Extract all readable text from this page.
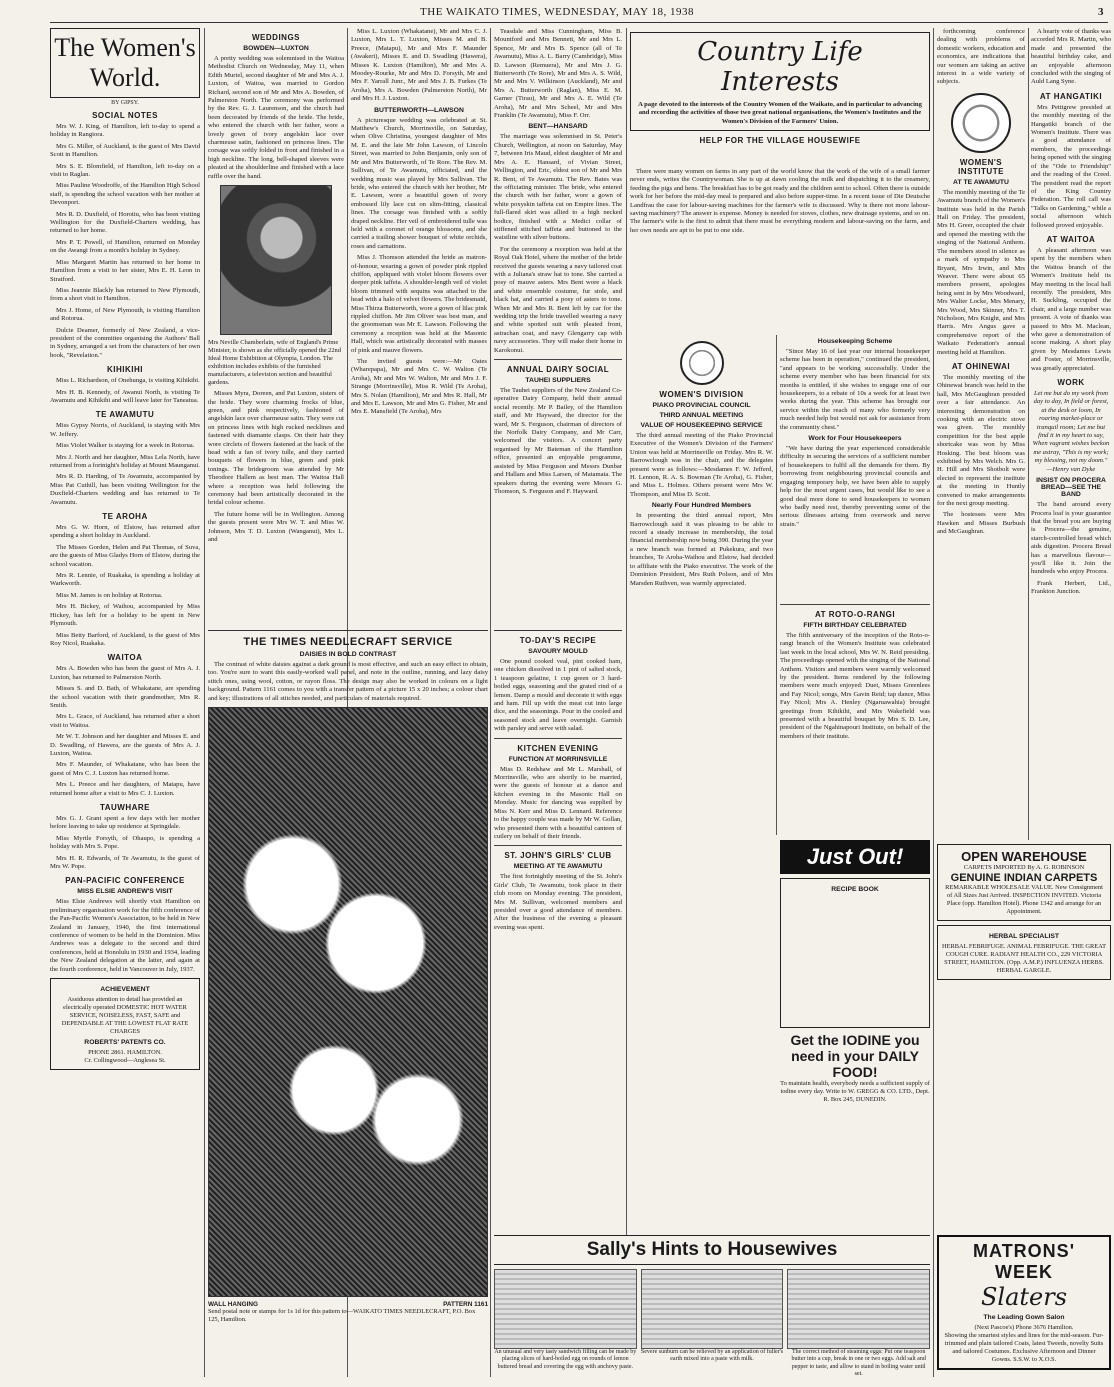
THE WAIKATO TIMES, WEDNESDAY, MAY 18, 1938	3
The Women's World.
BY GIPSY.
SOCIAL NOTES

Mrs W. J. King, of Hamilton, left to-day to spend a holiday in Rangiora.

Mrs G. Miller, of Auckland, is the guest of Mrs David Scott in Hamilton.

Mrs S. E. Blomfield, of Hamilton, left to-day on a visit to Raglan.

Miss Pauline Woodroffe, of the Hamilton High School staff, is spending the school vacation with her mother at Devonport.

Mrs R. D. Duxfield, of Horotiu, who has been visiting Wellington for the Duxfield-Charters wedding, has returned to her home.

Mrs P. T. Powell, of Hamilton, returned on Monday on the Awangi from a month's holiday in Sydney.

Miss Margaret Martin has returned to her home in Hamilton from a visit to her sister, Mrs E. H. Leon in Stratford.

Miss Jeannie Blackly has returned to New Plymouth, from a short visit to Hamilton.

Mrs J. Home, of New Plymouth, is visiting Hamilton and Rotorua.

Dulcie Deamer, formerly of New Zealand, a vice-president of the committee organising the Authors' Ball in Sydney, arranged a set from the characters of her own book, "Revelation."

KIHIKIHI

Miss L. Richardson, of Onehunga, is visiting Kihikihi.

Mrs H. B. Kennedy, of Awanui North, is visiting Te Awamutu and Kihikihi and will leave later for Taneatua.

TE AWAMUTU

Miss Gypsy Norris, of Auckland, is staying with Mrs W. Jeffery.

Miss Violet Walker is staying for a week in Rotorua.

Mrs J. North and her daughter, Miss Lela North, have returned from a fortnight's holiday at Mount Maunganui.

Mrs R. D. Harding, of Te Awamutu, accompanied by Miss Pat Cuthill, has been visiting Wellington for the Duxfield-Charters wedding and has returned to Te Awamutu.

TE AROHA

Mrs G. W. Horn, of Elstow, has returned after spending a short holiday in Auckland.

The Misses Gorden, Helen and Pat Thomas, of Suva, are the guests of Miss Gladys Horn of Elstow, during the school vacation.

Mrs R. Lennie, of Ruakaka, is spending a holiday at Warkworth.

Miss M. James is on holiday at Rotorua.

Mrs H. Bickey, of Waihou, accompanied by Miss Hickey, has left for a holiday to be spent in New Plymouth.

Miss Betty Barford, of Auckland, is the guest of Mrs Roy Nicol, Ruakaka.

WAITOA

Mrs A. Bowden who has been the guest of Mrs A. J. Luxton, has returned to Palmerston North.

Misses S. and D. Bath, of Whakatane, are spending the school vacation with their grandmother, Mrs R. Smith.

Mrs L. Grace, of Auckland, has returned after a short visit to Waitoa.

Mr W. T. Johnson and her daughter and Misses E. and D. Swadling, of Hawera, are the guests of Mrs A. J. Luxton, Waitoa.

Mrs F. Maunder, of Whakatane, who has been the guest of Mrs C. J. Luxton has returned home.

Mrs L. Preece and her daughters, of Matapu, have returned home after a visit to Mrs C. J. Luxton.

TAUWHARE

Mrs G. J. Grant spent a few days with her mother before leaving to take up residence at Springdale.

Miss Myrtle Forsyth, of Ohaupo, is spending a holiday with Mrs S. Pope.

Mrs H. R. Edwards, of Te Awamutu, is the guest of Mrs W. Pope.

PAN-PACIFIC CONFERENCE
MISS ELSIE ANDREW'S VISIT

Miss Elsie Andrews will shortly visit Hamilton on preliminary organisation work for the fifth conference of the Pan-Pacific Women's Association, to be held in New Zealand in January, 1940, the first international conference of women to be held in the Dominion. Miss Andrews was a delegate to the second and third conferences, held at Honolulu in 1930 and 1934, leading the New Zealand delegation at the latter, and again at the fourth conference, held in Vancouver in July, 1937.

ACHIEVEMENT
Assiduous attention to detail has provided an electrically operated DOMESTIC HOT WATER SERVICE, NOISELESS, FAST, SAFE and DEPENDABLE AT THE LOWEST FLAT RATE CHARGES
ROBERTS' PATENTS CO.
PHONE 2861. HAMILTON.
Cr. Collingwood—Anglesea St.
WEDDINGS
BOWDEN—LUXTON

A pretty wedding was solemnised in the Waitoa Methodist Church on Wednesday, May 11, when Edith Muriel, second daughter of Mr and Mrs A. J. Luxton, of Waitoa, was married to Gordon Richard, second son of Mr and Mrs A. Bowden, of Palmerston North. The ceremony was performed by the Rev. G. J. Laurenson, and the church had been decorated by friends of the bride. The bride, who entered the church with her father, wore a lovely gown of ivory angelskin lace over charmeuse satin, fashioned on princess lines. The corsage was softly folded in front and finished in a high neckline. The long, bell-shaped sleeves were pleated at the shoulderline and finished with a lace ruffle over the hand.

Mrs Neville Chamberlain, wife of England's Prime Minister, is shown as she officially opened the 22nd Ideal Home Exhibition at Olympia, London. The exhibition includes exhibits of the furnished manufacturers, a television section and beautiful gardens.

Misses Myra, Doreen, and Pat Luxton, sisters of the bride. They wore charming frocks of blue, green, and pink respectively, fashioned of angelskin lace over charmeuse satin. They were cut on princess lines with high rucked necklines and fastened with diamante clasps. On their hair they wore circlets of flowers fastened at the back of the head with a fan of ivory tulle, and they carried bouquets of flowers in blue, green and pink tonings. The bridegroom was attended by Mr Theodore Hallem as best man. The Waitoa Hall where a reception was held following the ceremony had been artistically decorated in the bridal colour scheme.

The future home will be in Wellington. Among the guests present were Mrs W. T. and Miss W. Johnson, Mrs T. D. Luxton (Wanganui), Mrs L. and

Miss L. Luxton (Whakatane), Mr and Mrs C. J. Luxton, Mrs L. T. Luxton, Misses M. and B. Preece, (Matapu), Mr and Mrs F. Maunder (Awakeri), Misses E. and D. Swadling (Hawera), Misses K. Luxton (Hamilton), Mr and Mrs A. Moodey-Rourke, Mr and Mrs D. Forsyth, Mr and Mrs F. Yarrall Junr., Mr and Mrs J. B. Furkes (Te Aroha), Mrs A. Bowden (Palmerston North), Mr and Mrs H. J. Luxton.

BUTTERWORTH—LAWSON

A picturesque wedding was celebrated at St. Matthew's Church, Morrinsville, on Saturday, when Olive Christina, youngest daughter of Mrs M. E. and the late Mr John Lawson, of Lincoln Street, was married to John Benjamin, only son of Mr and Mrs Butterworth, of Te Rore. The Rev. M. Sullivan, of Te Awamutu, officiated, and the wedding music was played by Mrs Sullivan. The bride, who entered the church with her brother, Mr E. Lawson, wore a beautiful gown of ivory embossed lily lace cut on slim-fitting, classical lines. The corsage was finished with a softly draped neckline. Her veil of embroidered tulle was held with a coronet of orange blossoms, and she carried a trailing shower bouquet of white orchids, roses and carnations.

Miss J. Thomson attended the bride as matron-of-honour, wearing a gown of powder pink rippled chiffon, appliqued with violet bloom flowers over deeper pink taffeta. A shoulder-length veil of violet bloom trimmed with sequins was attached to the head with a halo of velvet flowers. The bridesmaid, Miss Thirza Butterworth, wore a gown of lilac pink rippled chiffon. Mr Jim Oliver was best man, and the groomsman was Mr E. Lawson. Following the ceremony a reception was held at the Masonic Hall, which was artistically decorated with masses of pink and mauve flowers.

The invited guests were:—Mr Oates (Wharepapa), Mr and Mrs C. W. Walton (Te Aroha), Mr and Mrs W. Walton, Mr and Mrs J. F. Strange (Morrinsville), Miss R. Wild (Te Aroha), Mrs S. Nolan (Hamilton), Mr and Mrs R. Hall, Mr and Mrs E. Lawson, Mr and Mrs G. Fisher, Mr and Mrs E. Mansfield (Te Aroha), Mrs

Teasdale and Miss Cunningham, Miss B. Mountford and Mrs Bennett, Mr and Mrs L. Spence, Mr and Mrs B. Spence (all of Te Awamutu), Miss A. L. Barry (Cambridge), Miss D. Lawson (Remuera), Mr and Mrs J. G. Butterworth (Te Rore), Mr and Mrs A. S. Wild, Mr and Mrs V. Wilkinson (Auckland), Mr and Mrs A. Butterworth (Raglan), Miss E. M. Garner (Tirau), Mr and Mrs A. E. Wild (Te Aroha), Mr and Mrs Scheel, Mr and Mrs Franklin (Te Awamutu), Miss F. Orr.

BENT—HANSARD

The marriage was solemnised in St. Peter's Church, Wellington, at noon on Saturday, May 7, between Iris Maud, eldest daughter of Mr and Mrs A. E. Hansard, of Vivian Street, Wellington, and Eric, eldest son of Mr and Mrs R. Bent, of Te Awamutu. The Rev. Bates was the officiating minister. The bride, who entered the church with her father, wore a gown of white poxyskin taffeta cut on Empire lines. The full-flared skirt was allied to a high necked bodice, finished with a Medici collar of stiffened stitched taffeta and buttoned to the waistline with silver buttons.

For the ceremony a reception was held at the Royal Oak Hotel, where the mother of the bride received the guests wearing a navy tailored coat with a Juliana's straw hat to tone. She carried a posy of mauve asters. Mrs Bent wore a black and white ensemble costume, fur stole, and black hat, and carried a posy of asters to tone. When Mr and Mrs R. Bent left by car for the wedding trip the bride travelled wearing a navy and white spotted suit with pleated front, astrachan coat, and navy Glengarry cap with navy accessories. They will make their home in Karokonui.

ANNUAL DAIRY SOCIAL
TAUHEI SUPPLIERS

The Tauhei suppliers of the New Zealand Co-operative Dairy Company, held their annual social recently. Mr P. Bailey, of the Hamilton staff, and Mr Hayward, the director for the ward, Mr S. Ferguson, chairman of directors of the Norfolk Dairy Company, and Mr Carr, welcomed the visitors. A concert party organised by Mr Bateman of the Hamilton office, presented an enjoyable programme, assisted by Miss Ferguson and Messrs Dunbar and Hallam and Miss Larsen, of Matamata. The speakers during the evening were Messrs G. Thomson, S. Ferguson and F. Hayward.

THE TIMES NEEDLECRAFT SERVICE
DAISIES IN BOLD CONTRAST

The contrast of white daisies against a dark ground is most effective, and such an easy effect to obtain, too. You're sure to want this easily-worked wall panel, and note in the outline, running, and lazy daisy stitch ones, using wool, cotton, or rayon floss. The design may also be worked in colours on a light background. Pattern 1161 comes to you with a transfer pattern of a picture 15 x 20 inches; a colour chart and key; illustrations of all stitches needed, and particulars of materials required.

WALL HANGING	PATTERN 1161
Send postal note or stamps for 1s 1d for this pattern to—WAIKATO TIMES NEEDLECRAFT, P.O. Box 125, Hamilton.
TO-DAY'S RECIPE
SAVOURY MOULD

One pound cooked veal, pint cooked ham, one chicken dissolved in 1 pint of salted stock, 1 teaspoon gelatine, 1 cup green or 3 hard-boiled eggs, seasoning and the grated rind of a lemon. Damp a mould and decorate it with eggs and ham. Fill up with the meat cut into large dice, and the seasonings. Pour in the cooled and seasoned stock and leave overnight. Garnish with parsley and serve with salad.

KITCHEN EVENING
FUNCTION AT MORRINSVILLE

Miss D. Redshaw and Mr L. Marshall, of Morrinsville, who are shortly to be married, were the guests of honour at a dance and kitchen evening in the Masonic Hall on Monday. Music for dancing was supplied by Miss N. Kerr and Miss D. Lennard. Reference to the happy couple was made by Mr W. Gollan, who presented them with a beautiful canteen of cutlery on behalf of their friends.

ST. JOHN'S GIRLS' CLUB
MEETING AT TE AWAMUTU

The first fortnightly meeting of the St. John's Girls' Club, Te Awamutu, took place in their club room on Monday evening. The president, Mrs M. Sullivan, welcomed members and presided over a good attendance of members. After the business of the evening a pleasant evening was spent.

Country Life Interests
A page devoted to the interests of the Country Women of the Waikato, and in particular to advancing and recording the activities of those two great national organisations, the Women's Institutes and the Women's Division of the Farmers' Union.
HELP FOR THE VILLAGE HOUSEWIFE

There were many women on farms in any part of the world know that the work of the wife of a small farmer never ends, writes the Countrywoman. She is up at dawn cooling the milk and dispatching it to the creamery, feeding the pigs and hens. The breakfast has to be got ready and the children sent to school. Often there is outside work for her before the mid-day meal is prepared and also before supper-time. In a recent issue of Die Deutsche Landfrau the case for labour-saving machines for the farmer's wife is discussed. Why is there not more labour-saving machinery? The answer is expense. Money is needed for stoves, clothes, new drainage systems, and so on. The farmer's wife is the first to admit that there must be everything modern and labour-saving on the farm, and her own needs are apt to be put to one side.

WOMEN'S DIVISION
PIAKO PROVINCIAL COUNCIL
THIRD ANNUAL MEETING
VALUE OF HOUSEKEEPING SERVICE

The third annual meeting of the Piako Provincial Executive of the Women's Division of the Farmers' Union was held at Morrinsville on Friday. Mrs R. W. Barrowclough was in the chair, and the delegates present were as follows:—Mesdames F. W. Jefferd, H. Lennon, R. A. S. Bowman (Te Aroha), G. Fisher, and Miss L. Holmes. Others present were Mrs W. Thompson, and Miss D. Scott.

Nearly Four Hundred Members

In presenting the third annual report, Mrs Barrowclough said it was pleasing to be able to record a steady increase in membership, the total financial membership now being 390. During the year a new branch was formed at Pukekura, and two branches, Te Aroha-Waihou and Elstow, had decided to affiliate with the Piako executive. The work of the Dominion President, Mrs Ruth Polson, and of Mrs Marsden Ruthven, was warmly appreciated.

Housekeeping Scheme

"Since May 16 of last year our internal housekeeper scheme has been in operation," continued the president, "and appears to be working successfully. Under the scheme every member who has been financial for six months is entitled, if she wishes to engage one of our housekeepers, to a rebate of 10s a week for at least two weeks during the year. This scheme has brought our service within the reach of many who formerly very much needed help but would not ask for assistance from the community chest."

Work for Four Housekeepers

"We have during the year experienced considerable difficulty in securing the services of a sufficient number of housekeepers to fulfil all the demands for them. By borrowing from neighbouring provincial councils and engaging temporary help, we have been able to supply help for the most urgent cases, but would like to see a good deal more done to send housekeepers to women who badly need rest, thereby preventing some of the serious illnesses arising from overwork and nerve strain."

AT ROTO-O-RANGI
FIFTH BIRTHDAY CELEBRATED

The fifth anniversary of the inception of the Roto-o-rangi branch of the Women's Institute was celebrated last week in the local school, Mrs W. N. Reid presiding. The proceedings opened with the singing of the National Anthem. Visitors and members were warmly welcomed by the president. Items rendered by the following members were much enjoyed: Duet, Misses Greenlees and Fay Nicol; songs, Mrs Gavin Reid; tap dance, Miss Fay Nicol; Mrs A. Henley (Ngaruawahia) brought greetings from Kihikihi, and Mrs Wakefield was presented with a beautiful bouquet by Mrs S. D. Lee, president of the Ngahinapouri Institute, on behalf of the members of their institute.

Sally's Hints to Housewives
An unusual and very tasty sandwich filling can be made by placing slices of hard-boiled egg on rounds of lemon buttered bread and covering the egg with anchovy paste.
Severe sunburn can be relieved by an application of fuller's earth mixed into a paste with milk.
The correct method of steaming eggs: Put one teaspoon butter into a cup, break in one or two eggs. Add salt and pepper to taste, and allow to stand in boiling water until set.

forthcoming conference dealing with problems of domestic workers, education and economics, are indications that our women are taking an active interest in a wide variety of subjects.

WOMEN'S INSTITUTE
AT TE AWAMUTU

The monthly meeting of the Te Awamutu branch of the Women's Institute was held in the Parish Hall on Friday. The president, Mrs H. Greer, occupied the chair and opened the meeting with the singing of the National Anthem. The members stood in silence as a mark of sympathy to Mrs Bryant, Mrs Irwin, and Mrs Weaver. There were about 65 members present, apologies being sent in by Mrs Woodward, Mrs Walter Locke, Mrs Menary, Mrs Wood, Mrs Skinner, Mrs T. Nicholson, Mrs Knight, and Mrs Harris. Mrs Angus gave a comprehensive report of the Waikato Federation's annual meeting held at Hamilton.

AT OHINEWAI

The monthly meeting of the Ohinewai branch was held in the hall, Mrs McGaughran presided over a fair attendance. An interesting demonstration on cooking with an electric stove was given. The monthly competition for the best apple shortcake was won by Miss Hosking. The best bloom was exhibited by Mrs Welch. Mrs G. H. Hill and Mrs Shotbolt were elected to represent the institute at the meeting in Huntly convened to make arrangements for the next group meeting.

The hostesses were Mrs Hawken and Misses Burbush and McGaughran.

A hearty vote of thanks was accorded Mrs R. Martin, who made and presented the beautiful birthday cake, and an enjoyable afternoon concluded with the singing of Auld Lang Syne.

AT HANGATIKI

Mrs Pettigrew presided at the monthly meeting of the Hangatiki branch of the Women's Institute. There was a good attendance of members, the proceedings being opened with the singing of the "Ode to Friendship" and the reading of the Creed. The president read the report of the King Country Federation. The roll call was "Talks on Gardening," while a social afternoon which followed proved enjoyable.

AT WAITOA

A pleasant afternoon was spent by the members when the Waitoa branch of the Women's Institute held its May meeting in the local hall recently. The president, Mrs H. Suckling, occupied the chair, and a large number was present. A vote of thanks was passed to Mrs M. Maclean, who gave a demonstration of scone making. A short play given by Mesdames Lewis and Foster, of Morrinsville, was greatly appreciated.

WORK
Let me but do my work from day to day, In field or forest, at the desk or loom, In roaring market-place or tranquil room; Let me but find it in my heart to say, When vagrant wishes beckon me astray, "This is my work; my blessing, not my doom."
—Henry van Dyke
INSIST ON PROCERA BREAD—SEE THE BAND

The band around every Procera loaf is your guarantee that the bread you are buying is Procera—the genuine, starch-controlled bread which aids digestion. Procera Bread has a marvellous flavour—you'll like it. Join the hundreds who enjoy Procera.

Frank Herbert, Ltd., Frankton Junction.

OPEN WAREHOUSE
CARPETS IMPORTED By A. G. ROBINSON
GENUINE INDIAN CARPETS
REMARKABLE WHOLESALE VALUE. New Consignment of All Sizes Just Arrived. INSPECTION INVITED. Victoria Place (opp. Hamilton Hotel). Phone 1342 and arrange for an Appointment.
HERBAL SPECIALIST
HERBAL FEBRIFUGE. ANIMAL FEBRIFUGE. THE GREAT COUGH CURE. RADIANT HEALTH CO., 229 VICTORIA STREET, HAMILTON. (Opp. A.M.P.) INFLUENZA HERBS. HERBAL GARGLE.
Just Out!
RECIPE BOOK
Get the IODINE you need in your DAILY FOOD!
To maintain health, everybody needs a sufficient supply of iodine every day. Write to W. GREGG & CO. LTD., Dept. R. Box 245, DUNEDIN.
MATRONS' WEEK
Slaters
The Leading Gown Salon
(Next Pascoe's) Phone 3676 Hamilton.
Showing the smartest styles and lines for the mid-season. Fur-trimmed and plain tailored Coats, latest Tweeds, novelty Suits and tailored Costumes. Exclusive Afternoon and Dinner Gowns. S.S.W. to X.O.S.
